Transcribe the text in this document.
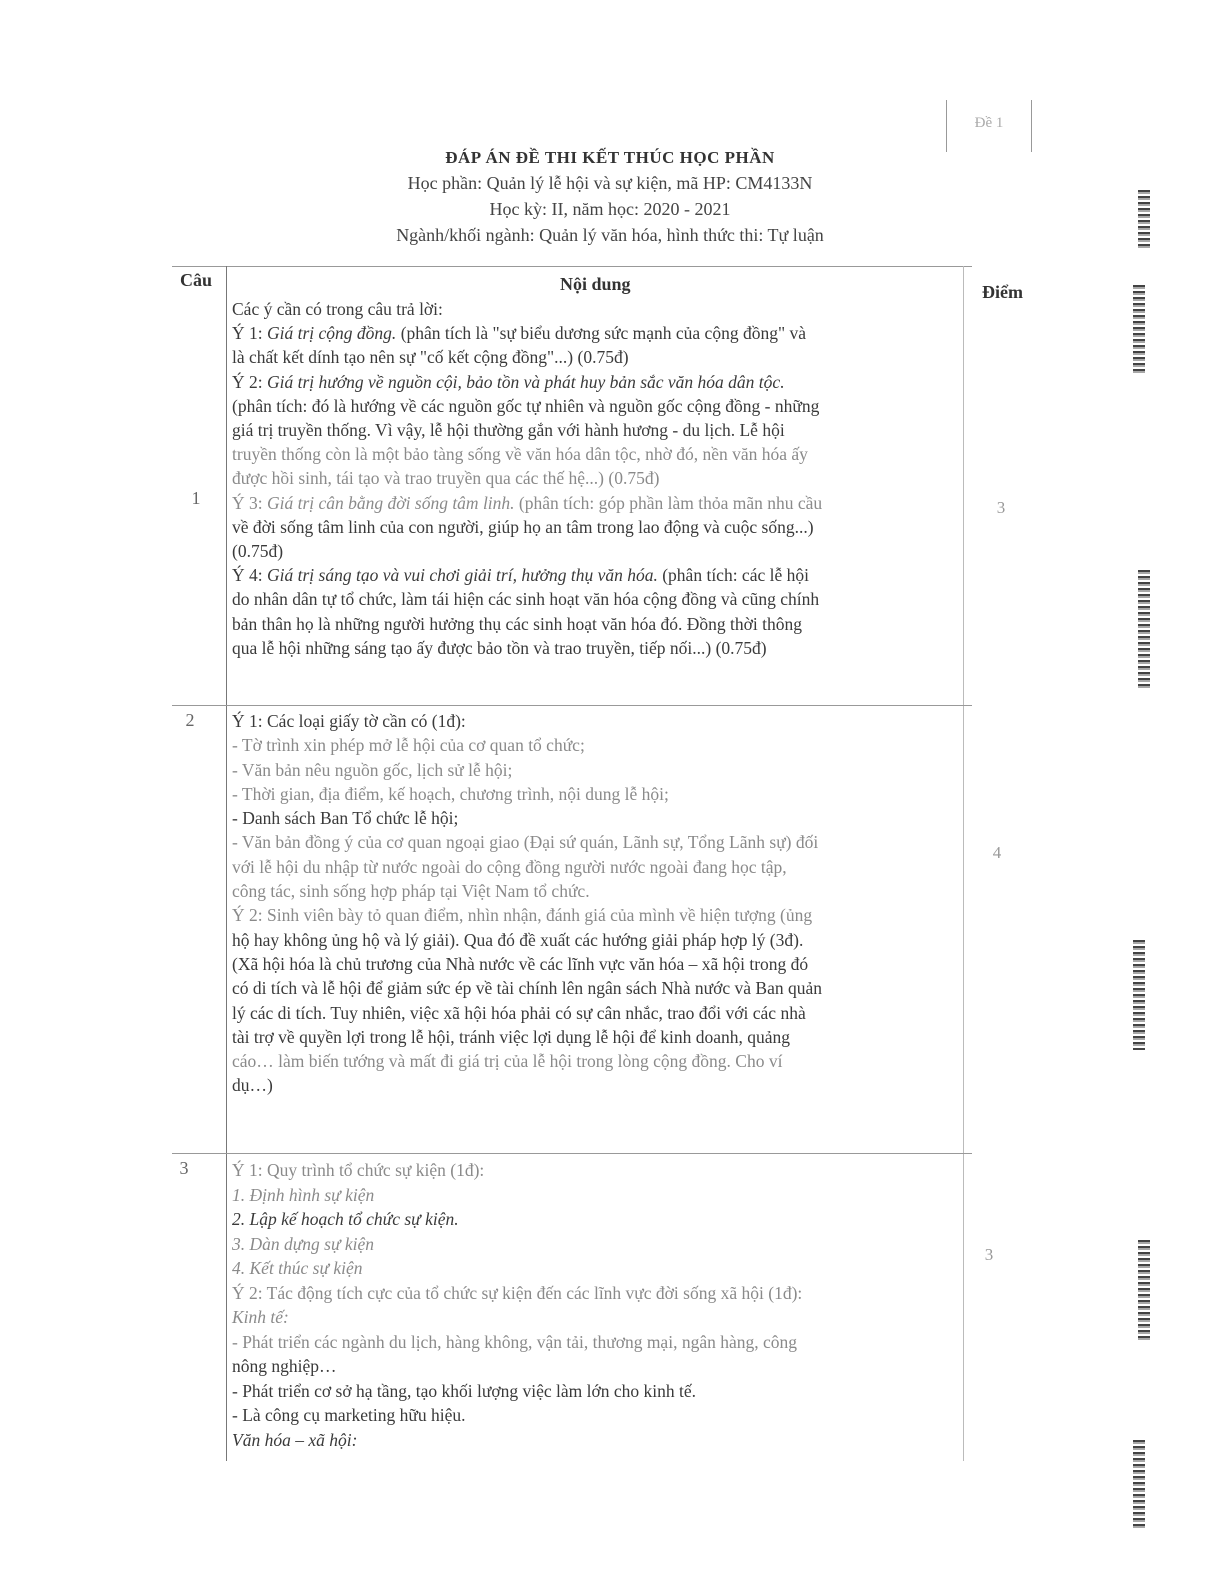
Đề 1
ĐÁP ÁN ĐỀ THI KẾT THÚC HỌC PHẦN
Học phần: Quản lý lễ hội và sự kiện, mã HP: CM4133N
Học kỳ: II, năm học: 2020 - 2021
Ngành/khối ngành: Quản lý văn hóa, hình thức thi: Tự luận
Câu	Nội dung	Điểm
1
2
3
3
4
3

Các ý cần có trong câu trả lời:

Ý 1: Giá trị cộng đồng. (phân tích là "sự biểu dương sức mạnh của cộng đồng" và

là chất kết dính tạo nên sự "cố kết cộng đồng"...) (0.75đ)

Ý 2: Giá trị hướng về nguồn cội, bảo tồn và phát huy bản sắc văn hóa dân tộc.

(phân tích: đó là hướng về các nguồn gốc tự nhiên và nguồn gốc cộng đồng - những

giá trị truyền thống. Vì vậy, lễ hội thường gắn với hành hương - du lịch. Lễ hội

truyền thống còn là một bảo tàng sống về văn hóa dân tộc, nhờ đó, nền văn hóa ấy

được hồi sinh, tái tạo và trao truyền qua các thế hệ...) (0.75đ)

Ý 3: Giá trị cân bằng đời sống tâm linh. (phân tích: góp phần làm thỏa mãn nhu cầu

về đời sống tâm linh của con người, giúp họ an tâm trong lao động và cuộc sống...)

(0.75đ)

Ý 4: Giá trị sáng tạo và vui chơi giải trí, hưởng thụ văn hóa. (phân tích: các lễ hội

do nhân dân tự tổ chức, làm tái hiện các sinh hoạt văn hóa cộng đồng và cũng chính

bản thân họ là những người hưởng thụ các sinh hoạt văn hóa đó. Đồng thời thông

qua lễ hội những sáng tạo ấy được bảo tồn và trao truyền, tiếp nối...) (0.75đ)

Ý 1: Các loại giấy tờ cần có (1đ):

- Tờ trình xin phép mở lễ hội của cơ quan tổ chức;

- Văn bản nêu nguồn gốc, lịch sử lễ hội;

- Thời gian, địa điểm, kế hoạch, chương trình, nội dung lễ hội;

- Danh sách Ban Tổ chức lễ hội;

- Văn bản đồng ý của cơ quan ngoại giao (Đại sứ quán, Lãnh sự, Tổng Lãnh sự) đối

với lễ hội du nhập từ nước ngoài do cộng đồng người nước ngoài đang học tập,

công tác, sinh sống hợp pháp tại Việt Nam tổ chức.

Ý 2: Sinh viên bày tỏ quan điểm, nhìn nhận, đánh giá của mình về hiện tượng (ủng

hộ hay không ủng hộ và lý giải). Qua đó đề xuất các hướng giải pháp hợp lý (3đ).

(Xã hội hóa là chủ trương của Nhà nước về các lĩnh vực văn hóa – xã hội trong đó

có di tích và lễ hội để giảm sức ép về tài chính lên ngân sách Nhà nước và Ban quản

lý các di tích. Tuy nhiên, việc xã hội hóa phải có sự cân nhắc, trao đổi với các nhà

tài trợ về quyền lợi trong lễ hội, tránh việc lợi dụng lễ hội để kinh doanh, quảng

cáo… làm biến tướng và mất đi giá trị của lễ hội trong lòng cộng đồng. Cho ví

dụ…)

Ý 1: Quy trình tổ chức sự kiện (1đ):

1. Định hình sự kiện

2. Lập kế hoạch tổ chức sự kiện.

3. Dàn dựng sự kiện

4. Kết thúc sự kiện

Ý 2: Tác động tích cực của tổ chức sự kiện đến các lĩnh vực đời sống xã hội (1đ):

Kinh tế:

- Phát triển các ngành du lịch, hàng không, vận tải, thương mại, ngân hàng, công

nông nghiệp…

- Phát triển cơ sở hạ tầng, tạo khối lượng việc làm lớn cho kinh tế.

- Là công cụ marketing hữu hiệu.

Văn hóa – xã hội:
